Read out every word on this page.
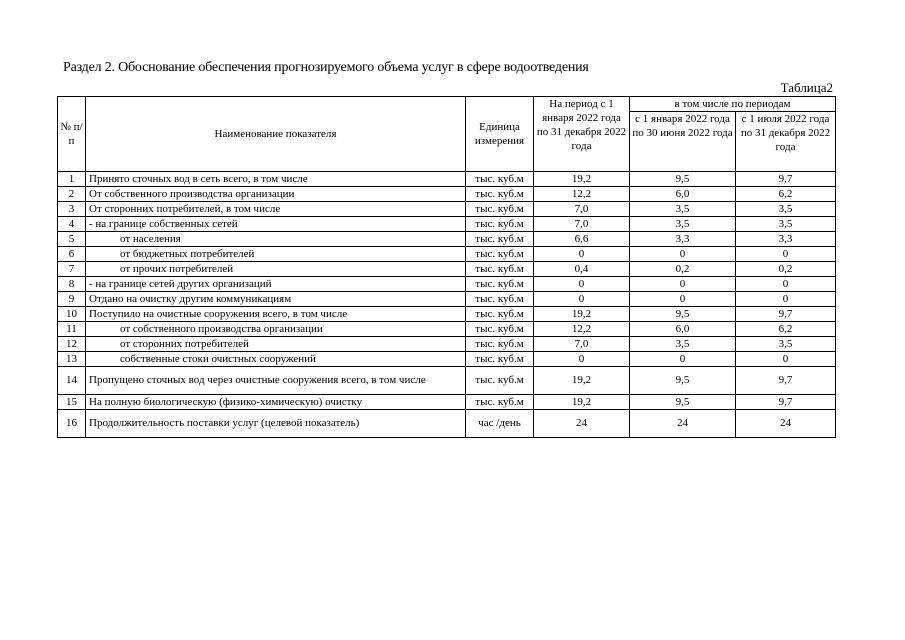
Раздел 2. Обоснование обеспечения прогнозируемого объема услуг в сфере водоотведения
Таблица2
№ п/п	Наименование показателя	Единица измерения	На период с 1 января 2022 года по 31 декабря 2022 года	в том числе по периодам	
				с 1 января 2022 года по 30 июня 2022 года	с 1 июля 2022 года по 31 декабря 2022 года
1	Принято сточных вод в сеть всего, в том числе	тыс. куб.м	19,2	9,5	9,7
2	От собственного производства организации	тыс. куб.м	12,2	6,0	6,2
3	От сторонних потребителей, в том числе	тыс. куб.м	7,0	3,5	3,5
4	- на границе собственных сетей	тыс. куб.м	7,0	3,5	3,5
5	от населения	тыс. куб.м	6,6	3,3	3,3
6	от бюджетных потребителей	тыс. куб.м	0	0	0
7	от прочих потребителей	тыс. куб.м	0,4	0,2	0,2
8	- на границе сетей других организаций	тыс. куб.м	0	0	0
9	Отдано на очистку другим коммуникациям	тыс. куб.м	0	0	0
10	Поступило на очистные сооружения всего, в том числе	тыс. куб.м	19,2	9,5	9,7
11	от собственного производства организации	тыс. куб.м	12,2	6,0	6,2
12	от сторонних потребителей	тыс. куб.м	7,0	3,5	3,5
13	собственные стоки очистных сооружений	тыс. куб.м	0	0	0
14	Пропущено сточных вод через очистные сооружения всего, в том числе	тыс. куб.м	19,2	9,5	9,7
15	На полную биологическую (физико-химическую) очистку	тыс. куб.м	19,2	9,5	9,7
16	Продолжительность поставки услуг (целевой показатель)	час /день	24	24	24
